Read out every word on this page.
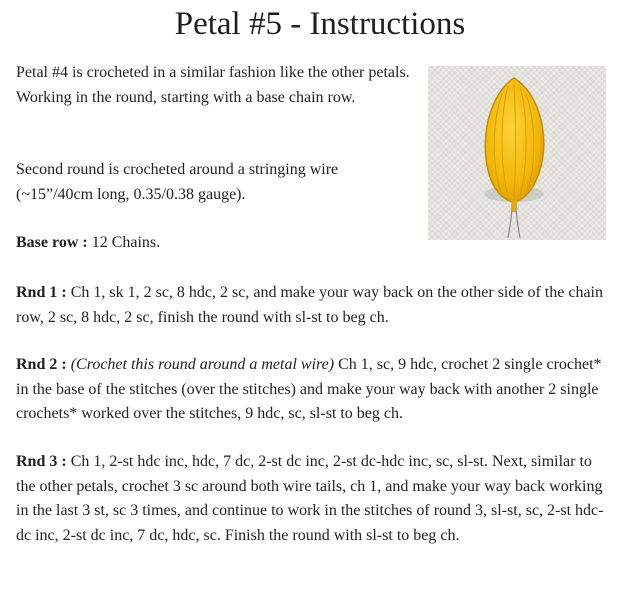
Petal #5 - Instructions

Petal #4 is crocheted in a similar fashion like the other petals. Working in the round, starting with a base chain row.

Second round is crocheted around a stringing wire (~15”/40cm long, 0.35/0.38 gauge).

Base row : 12 Chains.

Rnd 1 : Ch 1, sk 1, 2 sc, 8 hdc, 2 sc, and make your way back on the other side of the chain row, 2 sc, 8 hdc, 2 sc, finish the round with sl-st to beg ch.

Rnd 2 : (Crochet this round around a metal wire) Ch 1, sc, 9 hdc, crochet 2 single crochet* in the base of the stitches (over the stitches) and make your way back with another 2 single crochets* worked over the stitches, 9 hdc, sc, sl-st to beg ch.

Rnd 3 : Ch 1, 2-st hdc inc, hdc, 7 dc, 2-st dc inc, 2-st dc-hdc inc, sc, sl-st. Next, similar to the other petals, crochet 3 sc around both wire tails, ch 1, and make your way back working in the last 3 st, sc 3 times, and continue to work in the stitches of round 3, sl-st, sc, 2-st hdc-dc inc, 2-st dc inc, 7 dc, hdc, sc. Finish the round with sl-st to beg ch.
